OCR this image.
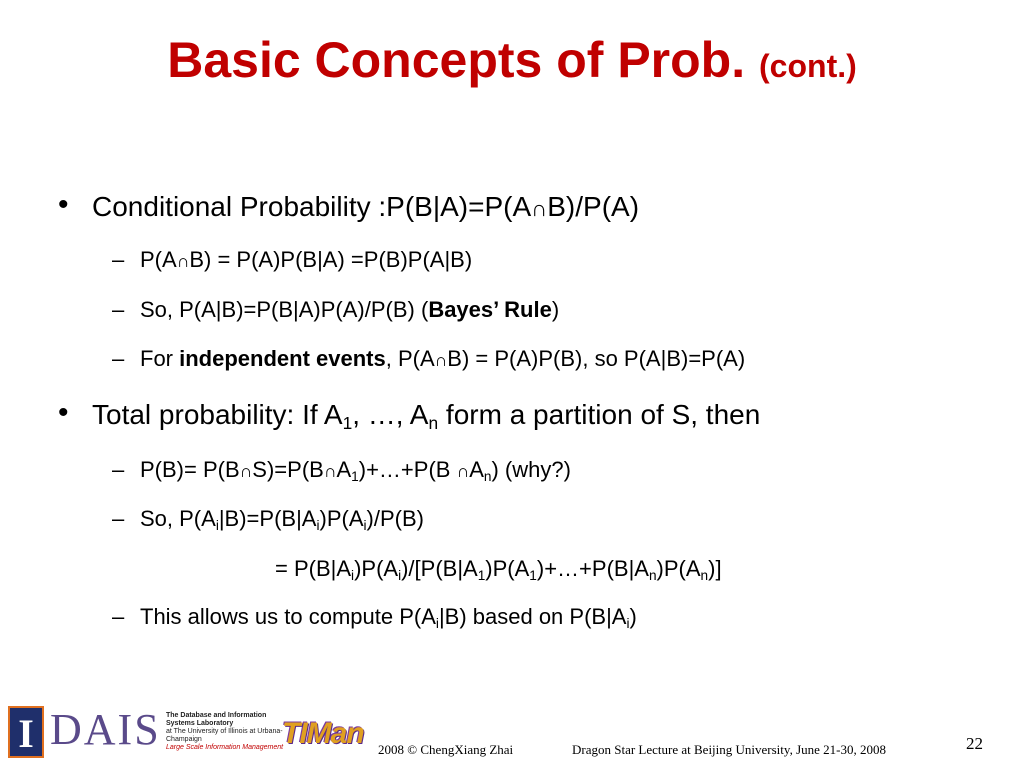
Basic Concepts of Prob. (cont.)
• Conditional Probability :P(B|A)=P(A∩B)/P(A)
– P(A∩B) = P(A)P(B|A) =P(B)P(A|B)
– So, P(A|B)=P(B|A)P(A)/P(B) (Bayes’ Rule)
– For independent events, P(A∩B) = P(A)P(B), so P(A|B)=P(A)
• Total probability: If $A_1$, …, $A_n$ form a partition of S, then
– $P(B)= P(B\cap S)=P(B\cap A_1)+\dots+P(B$ $\cap A_n$) (why?)
– So, $P(A_i|B)=P(B|A_i)P(A_i)/P(B)$
= $P(B|A_i)P(A_i)/[P(B|A_1)P(A_1)+\dots+P(B|A_n)P(A_n)]$
– This allows us to compute $P(A_i|B)$ based on $P(B|A_i)$
I DAIS The Database and Information Systems Laboratory
at The University of Illinois at Urbana-Champaign
Large Scale Information Management
TIMan 2008 © ChengXiang Zhai	Dragon Star Lecture at Beijing University, June 21-30, 2008	22
